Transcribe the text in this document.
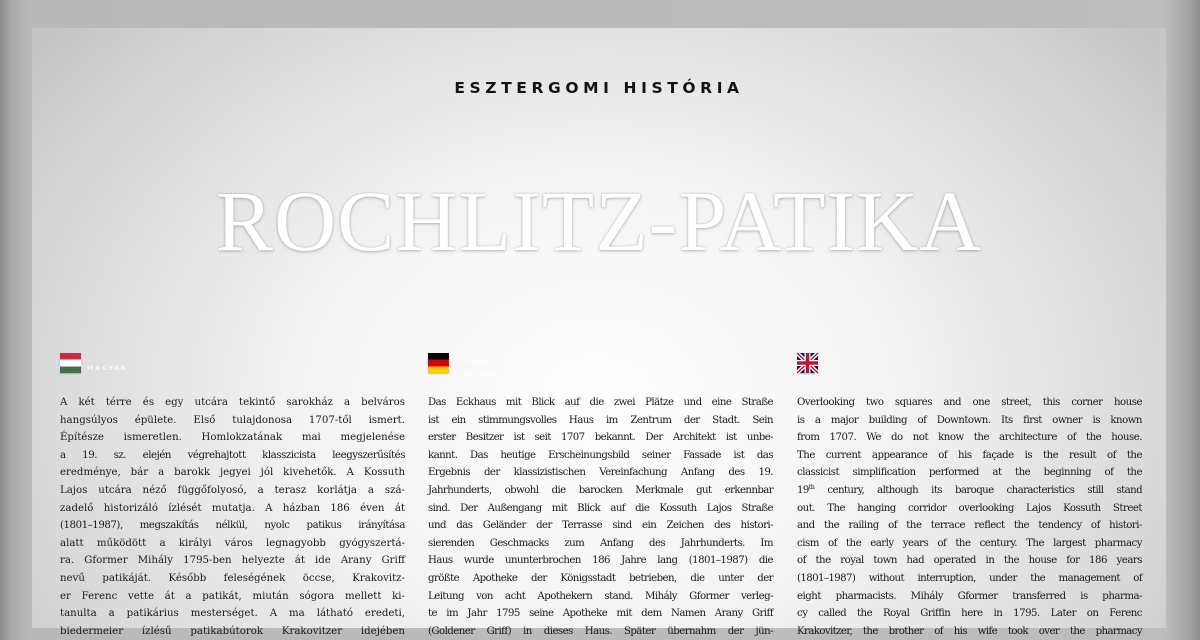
ESZTERGOMI HISTÓRIA
ROCHLITZ-PATIKA
MAGYAR
A két térre és egy utcára tekintő sarokház a belváros
hangsúlyos épülete. Első tulajdonosa 1707-től ismert.
Építésze ismeretlen. Homlokzatának mai megjelenése
a 19. sz. elején végrehajtott klasszicista leegyszerűsítés
eredménye, bár a barokk jegyei jól kivehetők. A Kossuth
Lajos utcára néző függőfolyosó, a terasz korlátja a szá-
zadelő historizáló ízlését mutatja. A házban 186 éven át
(1801–1987), megszakítás nélkül, nyolc patikus irányítása
alatt működött a királyi város legnagyobb gyógyszertá-
ra. Gformer Mihály 1795-ben helyezte át ide Arany Griff
nevű patikáját. Később feleségének öccse, Krakovitz-
er Ferenc vette át a patikát, miután sógora mellett ki-
tanulta a patikárius mesterséget. A ma látható eredeti,
biedermeier ízlésű patikabútorok Krakovitzer idejében
DEUTSCH
Das Eckhaus mit Blick auf die zwei Plätze und eine Straße
ist ein stimmungsvolles Haus im Zentrum der Stadt. Sein
erster Besitzer ist seit 1707 bekannt. Der Architekt ist unbe-
kannt. Das heutige Erscheinungsbild seiner Fassade ist das
Ergebnis der klassizistischen Vereinfachung Anfang des 19.
Jahrhunderts, obwohl die barocken Merkmale gut erkennbar
sind. Der Außengang mit Blick auf die Kossuth Lajos Straße
und das Geländer der Terrasse sind ein Zeichen des histori-
sierenden Geschmacks zum Anfang des Jahrhunderts. Im
Haus wurde ununterbrochen 186 Jahre lang (1801–1987) die
größte Apotheke der Königsstadt betrieben, die unter der
Leitung von acht Apothekern stand. Mihály Gformer verleg-
te im Jahr 1795 seine Apotheke mit dem Namen Arany Griff
(Goldener Griff) in dieses Haus. Später übernahm der jün-
ENGLISH
Overlooking two squares and one street, this corner house
is a major building of Downtown. Its first owner is known
from 1707. We do not know the architecture of the house.
The current appearance of his façade is the result of the
classicist simplification performed at the beginning of the
19th century, although its baroque characteristics still stand
out. The hanging corridor overlooking Lajos Kossuth Street
and the railing of the terrace reflect the tendency of histori-
cism of the early years of the century. The largest pharmacy
of the royal town had operated in the house for 186 years
(1801–1987) without interruption, under the management of
eight pharmacists. Mihály Gformer transferred is pharma-
cy called the Royal Griffin here in 1795. Later on Ferenc
Krakovitzer, the brother of his wife took over the pharmacy
